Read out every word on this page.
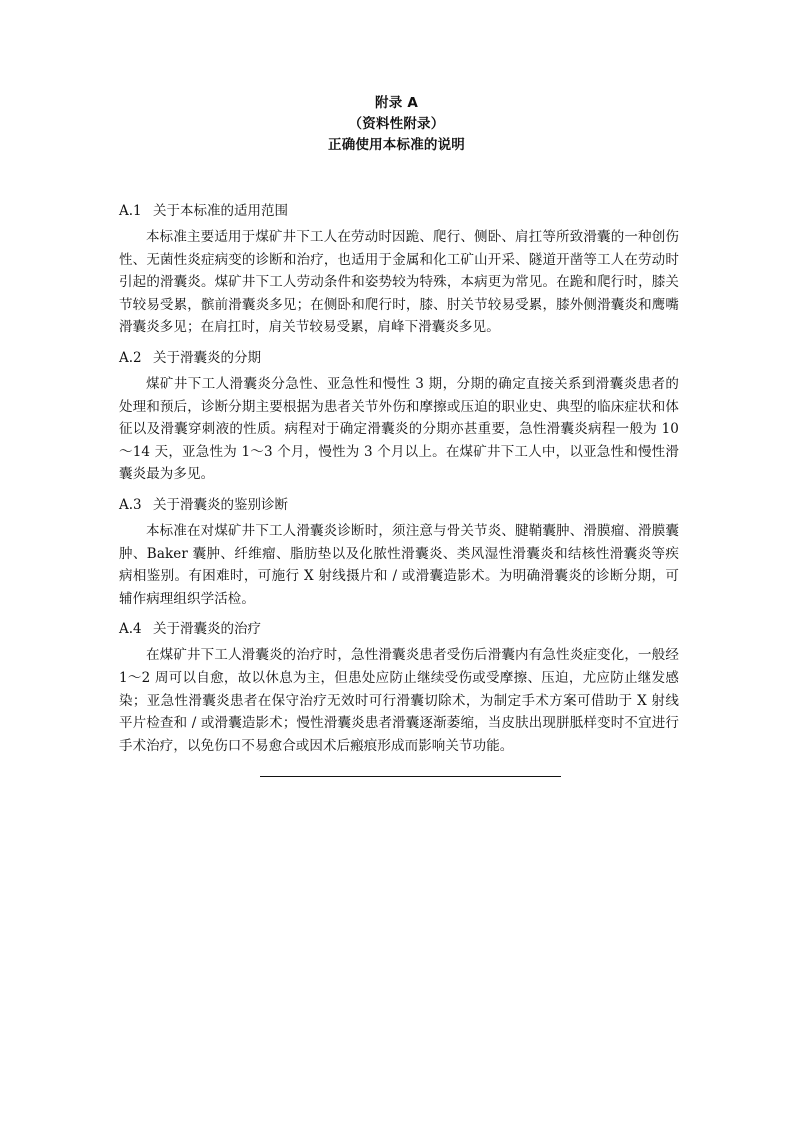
附录 A
（资料性附录）
正确使用本标准的说明
A.1 关于本标准的适用范围

本标准主要适用于煤矿井下工人在劳动时因跪、爬行、侧卧、肩扛等所致滑囊的一种创伤性、无菌性炎症病变的诊断和治疗，也适用于金属和化工矿山开采、隧道开凿等工人在劳动时引起的滑囊炎。煤矿井下工人劳动条件和姿势较为特殊，本病更为常见。在跪和爬行时，膝关节较易受累，髌前滑囊炎多见；在侧卧和爬行时，膝、肘关节较易受累，膝外侧滑囊炎和鹰嘴滑囊炎多见；在肩扛时，肩关节较易受累，肩峰下滑囊炎多见。

A.2 关于滑囊炎的分期

煤矿井下工人滑囊炎分急性、亚急性和慢性 3 期，分期的确定直接关系到滑囊炎患者的处理和预后，诊断分期主要根据为患者关节外伤和摩擦或压迫的职业史、典型的临床症状和体征以及滑囊穿刺液的性质。病程对于确定滑囊炎的分期亦甚重要，急性滑囊炎病程一般为 10～14 天，亚急性为 1～3 个月，慢性为 3 个月以上。在煤矿井下工人中，以亚急性和慢性滑囊炎最为多见。

A.3 关于滑囊炎的鉴别诊断

本标准在对煤矿井下工人滑囊炎诊断时，须注意与骨关节炎、腱鞘囊肿、滑膜瘤、滑膜囊肿、Baker 囊肿、纤维瘤、脂肪垫以及化脓性滑囊炎、类风湿性滑囊炎和结核性滑囊炎等疾病相鉴别。有困难时，可施行 X 射线摄片和 / 或滑囊造影术。为明确滑囊炎的诊断分期，可辅作病理组织学活检。

A.4 关于滑囊炎的治疗

在煤矿井下工人滑囊炎的治疗时，急性滑囊炎患者受伤后滑囊内有急性炎症变化，一般经 1～2 周可以自愈，故以休息为主，但患处应防止继续受伤或受摩擦、压迫，尤应防止继发感染；亚急性滑囊炎患者在保守治疗无效时可行滑囊切除术，为制定手术方案可借助于 X 射线平片检查和 / 或滑囊造影术；慢性滑囊炎患者滑囊逐渐萎缩，当皮肤出现胼胝样变时不宜进行手术治疗，以免伤口不易愈合或因术后瘢痕形成而影响关节功能。
